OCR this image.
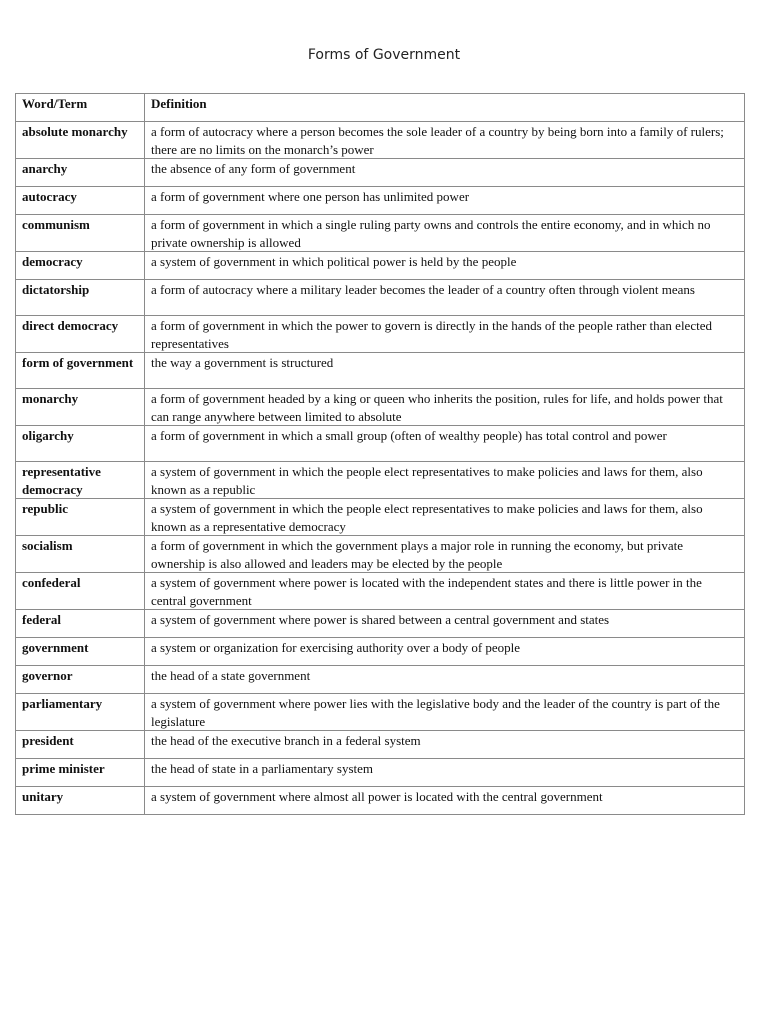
Forms of Government
Word/Term	Definition
absolute monarchy	a form of autocracy where a person becomes the sole leader of a country by being born into a family of rulers; there are no limits on the monarch’s power
anarchy	the absence of any form of government
autocracy	a form of government where one person has unlimited power
communism	a form of government in which a single ruling party owns and controls the entire economy, and in which no private ownership is allowed
democracy	a system of government in which political power is held by the people
dictatorship	a form of autocracy where a military leader becomes the leader of a country often through violent means
direct democracy	a form of government in which the power to govern is directly in the hands of the people rather than elected representatives
form of government	the way a government is structured
monarchy	a form of government headed by a king or queen who inherits the position, rules for life, and holds power that can range anywhere between limited to absolute
oligarchy	a form of government in which a small group (often of wealthy people) has total control and power
representative democracy	a system of government in which the people elect representatives to make policies and laws for them, also known as a republic
republic	a system of government in which the people elect representatives to make policies and laws for them, also known as a representative democracy
socialism	a form of government in which the government plays a major role in running the economy, but private ownership is also allowed and leaders may be elected by the people
confederal	a system of government where power is located with the independent states and there is little power in the central government
federal	a system of government where power is shared between a central government and states
government	a system or organization for exercising authority over a body of people
governor	the head of a state government
parliamentary	a system of government where power lies with the legislative body and the leader of the country is part of the legislature
president	the head of the executive branch in a federal system
prime minister	the head of state in a parliamentary system
unitary	a system of government where almost all power is located with the central government
